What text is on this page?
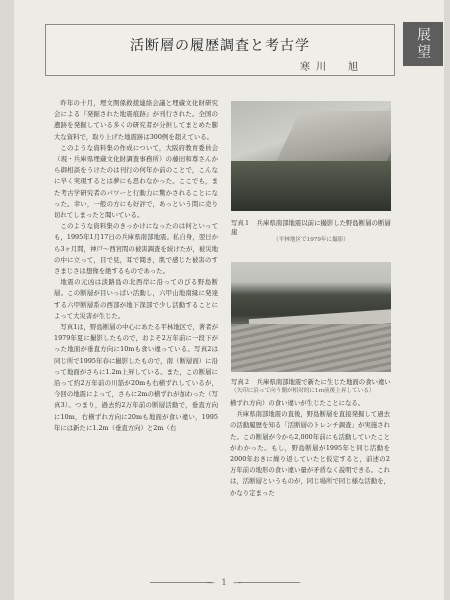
展望
活断層の履歴調査と考古学
寒川　旭

昨年の十月，埋文関係救援連絡会議と埋蔵文化財研究会による『発掘された地震痕跡』が刊行された。全国の遺跡を発掘している多くの研究者が分担してまとめた膨大な資料で，取り上げた地震跡は300例を超えている。

このような資料集の作成について，大阪府教育委員会（現・兵庫県埋蔵文化財調査事務所）の藤田和尊さんから御相談をうけたのは刊行の何年か前のことで，こんなに早く実現するとは夢にも思わなかった。ここでも，また考古学研究者のパワーと行動力に驚かされることになった。幸い，一般の方にも好評で，あっという間に売り切れてしまったと聞いている。

このような資料集のきっかけになったのは何といっても，1995年1月17日の兵庫県南部地震。私自身，翌日から3ヶ月間，神戸～西宮間の被害調査を続けたが，被災地の中に立って，目で見，耳で聞き，肌で感じた被害のすさまじさは想像を絶するものであった。

地震の元凶は淡路島の北西岸に沿ってのびる野島断層。この断層が目いっぱい活動し，六甲山地南縁に発達する六甲断層系の西部が地下深部で少し活動することによって大災害が生じた。

写真1は，野島断層の中心にあたる平林地区で，著者が1979年夏に撮影したもので，およそ2万年前に一段下がった地面が垂直方向に10mも食い違っている。写真2は同じ所で1995年春に撮影したもので，南（断層面）に沿って地面がさらに1.2m上昇している。また，この断層に沿って約2万年前の川筋が20mも右横ずれしているが，今回の地震によって，さらに2mの横ずれが加わった（写真3）。つまり，過去約2万年前の断層活動で，垂直方向に10m，右横ずれ方向に20mも地面が食い違い，1995年には新たに1.2m（垂直方向）と2m（右

写真１　兵庫県南部地震以前に撮影した野島断層の断層崖
（平林地区で1979年に撮影）
写真２　兵庫県南部地震で新たに生じた地面の食い違い
（矢印に沿って向う側が相対的に1ｍ前後上昇している）

横ずれ方向）の食い違いが生じたことになる。

兵庫県南部地震の直後，野島断層を直接発掘して過去の活動履歴を知る「活断層のトレンチ調査」が実施された。この断層が今から2,000年前にも活動していたことがわかった。もし，野島断層が1995年と同じ活動を2000年おきに繰り返していたと仮定すると，前述の2万年前の地形の食い違い量が矛盾なく説明できる。これは，活断層というものが，同じ場所で同じ様な活動を，かなり定まった

— 1 —
